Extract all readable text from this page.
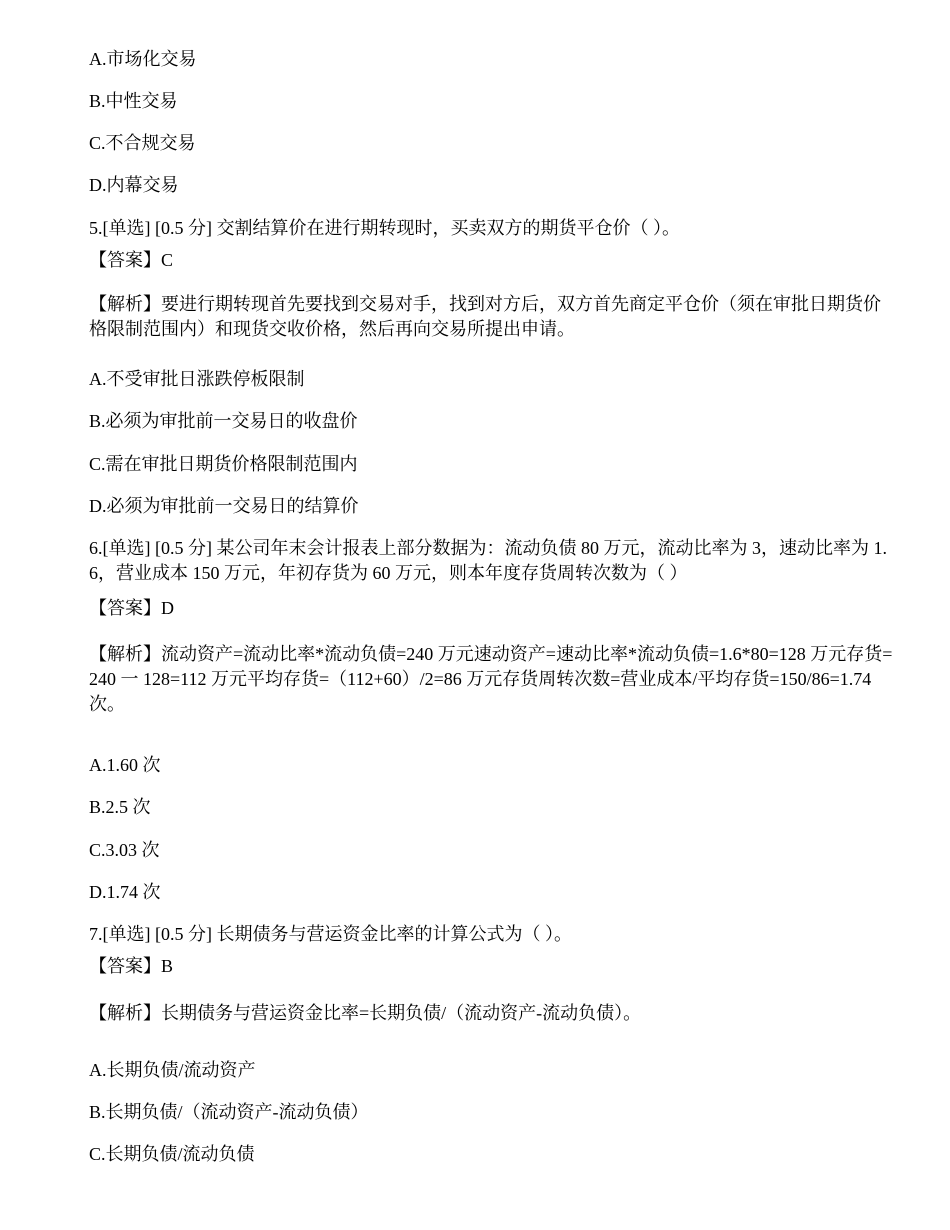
A.市场化交易
B.中性交易
C.不合规交易
D.内幕交易
5.[单选] [0.5 分] 交割结算价在进行期转现时，买卖双方的期货平仓价（ ）。
【答案】C
【解析】要进行期转现首先要找到交易对手，找到对方后，双方首先商定平仓价（须在审批日期货价格限制范围内）和现货交收价格，然后再向交易所提出申请。
A.不受审批日涨跌停板限制
B.必须为审批前一交易日的收盘价
C.需在审批日期货价格限制范围内
D.必须为审批前一交易日的结算价
6.[单选] [0.5 分] 某公司年末会计报表上部分数据为：流动负债 80 万元，流动比率为 3，速动比率为 1.6，营业成本 150 万元，年初存货为 60 万元，则本年度存货周转次数为（ ）
【答案】D
【解析】流动资产=流动比率*流动负债=240 万元速动资产=速动比率*流动负债=1.6*80=128 万元存货=240 一 128=112 万元平均存货=（112+60）/2=86 万元存货周转次数=营业成本/平均存货=150/86=1.74 次。
A.1.60 次
B.2.5 次
C.3.03 次
D.1.74 次
7.[单选] [0.5 分] 长期债务与营运资金比率的计算公式为（ ）。
【答案】B
【解析】长期债务与营运资金比率=长期负债/（流动资产-流动负债）。
A.长期负债/流动资产
B.长期负债/（流动资产-流动负债）
C.长期负债/流动负债
